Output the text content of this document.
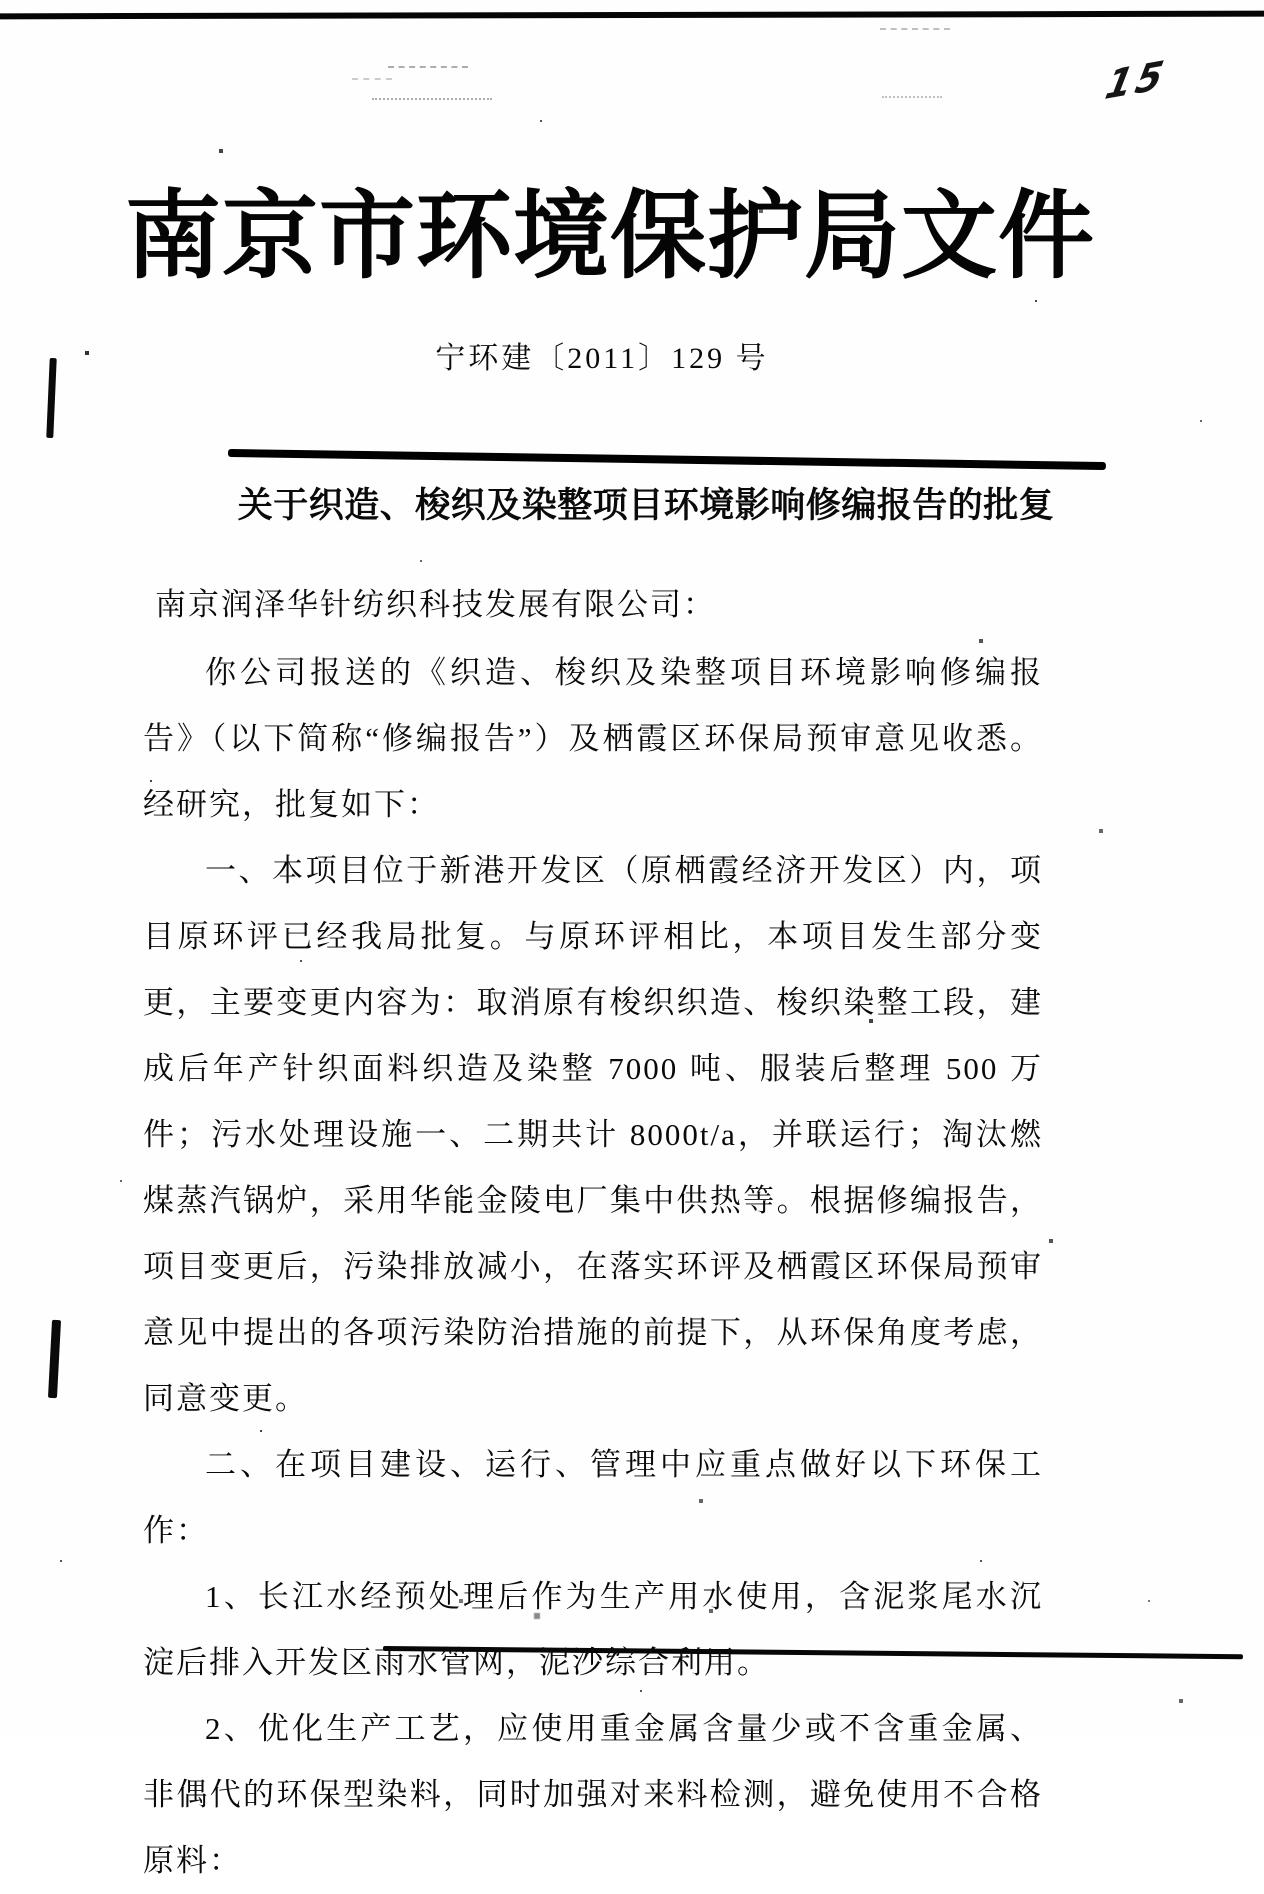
15
南京市环境保护局文件
宁环建〔2011〕129 号
关于织造、梭织及染整项目环境影响修编报告的批复
南京润泽华针纺织科技发展有限公司：

你公司报送的《织造、梭织及染整项目环境影响修编报告》（以下简称“修编报告”）及栖霞区环保局预审意见收悉。经研究，批复如下：

一、本项目位于新港开发区（原栖霞经济开发区）内，项目原环评已经我局批复。与原环评相比，本项目发生部分变更，主要变更内容为：取消原有梭织织造、梭织染整工段，建成后年产针织面料织造及染整 7000 吨、服装后整理 500 万件；污水处理设施一、二期共计 8000t/a，并联运行；淘汰燃煤蒸汽锅炉，采用华能金陵电厂集中供热等。根据修编报告，项目变更后，污染排放减小，在落实环评及栖霞区环保局预审意见中提出的各项污染防治措施的前提下，从环保角度考虑，同意变更。

二、在项目建设、运行、管理中应重点做好以下环保工作：

1、长江水经预处理后作为生产用水使用，含泥浆尾水沉淀后排入开发区雨水管网，泥沙综合利用。

2、优化生产工艺，应使用重金属含量少或不含重金属、非偶代的环保型染料，同时加强对来料检测，避免使用不合格原料：
